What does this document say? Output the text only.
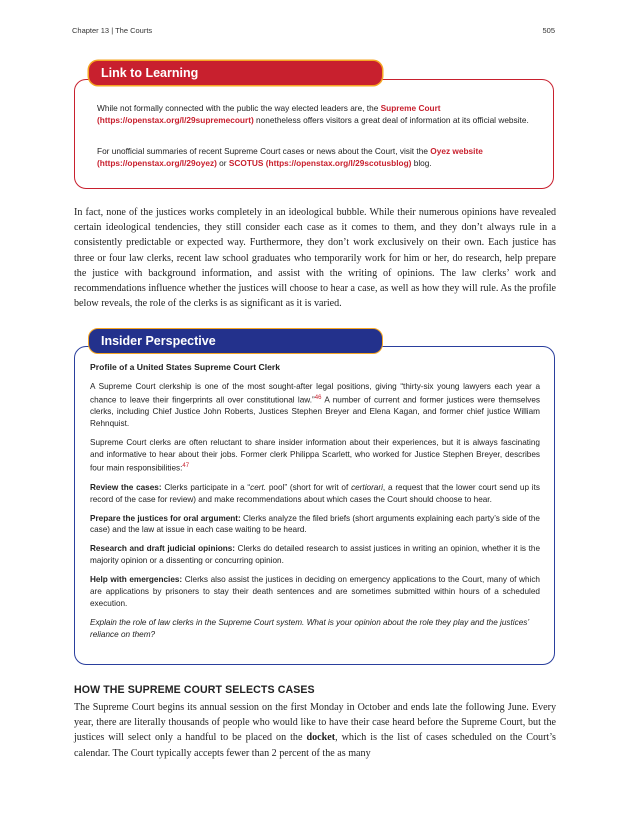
Chapter 13 | The Courts	505
Link to Learning
While not formally connected with the public the way elected leaders are, the Supreme Court (https://openstax.org/l/29supremecourt) nonetheless offers visitors a great deal of information at its official website.
For unofficial summaries of recent Supreme Court cases or news about the Court, visit the Oyez website (https://openstax.org/l/29oyez) or SCOTUS (https://openstax.org/l/29scotusblog) blog.
In fact, none of the justices works completely in an ideological bubble. While their numerous opinions have revealed certain ideological tendencies, they still consider each case as it comes to them, and they don’t always rule in a consistently predictable or expected way. Furthermore, they don’t work exclusively on their own. Each justice has three or four law clerks, recent law school graduates who temporarily work for him or her, do research, help prepare the justice with background information, and assist with the writing of opinions. The law clerks’ work and recommendations influence whether the justices will choose to hear a case, as well as how they will rule. As the profile below reveals, the role of the clerks is as significant as it is varied.
Insider Perspective

Profile of a United States Supreme Court Clerk

A Supreme Court clerkship is one of the most sought-after legal positions, giving “thirty-six young lawyers each year a chance to leave their fingerprints all over constitutional law.”$^{46}$ A number of current and former justices were themselves clerks, including Chief Justice John Roberts, Justices Stephen Breyer and Elena Kagan, and former chief justice William Rehnquist.

Supreme Court clerks are often reluctant to share insider information about their experiences, but it is always fascinating and informative to hear about their jobs. Former clerk Philippa Scarlett, who worked for Justice Stephen Breyer, describes four main responsibilities:$^{47}$

Review the cases: Clerks participate in a “cert. pool” (short for writ of certiorari, a request that the lower court send up its record of the case for review) and make recommendations about which cases the Court should choose to hear.

Prepare the justices for oral argument: Clerks analyze the filed briefs (short arguments explaining each party’s side of the case) and the law at issue in each case waiting to be heard.

Research and draft judicial opinions: Clerks do detailed research to assist justices in writing an opinion, whether it is the majority opinion or a dissenting or concurring opinion.

Help with emergencies: Clerks also assist the justices in deciding on emergency applications to the Court, many of which are applications by prisoners to stay their death sentences and are sometimes submitted within hours of a scheduled execution.

Explain the role of law clerks in the Supreme Court system. What is your opinion about the role they play and the justices’ reliance on them?

HOW THE SUPREME COURT SELECTS CASES
The Supreme Court begins its annual session on the first Monday in October and ends late the following June. Every year, there are literally thousands of people who would like to have their case heard before the Supreme Court, but the justices will select only a handful to be placed on the docket, which is the list of cases scheduled on the Court’s calendar. The Court typically accepts fewer than 2 percent of the as many
